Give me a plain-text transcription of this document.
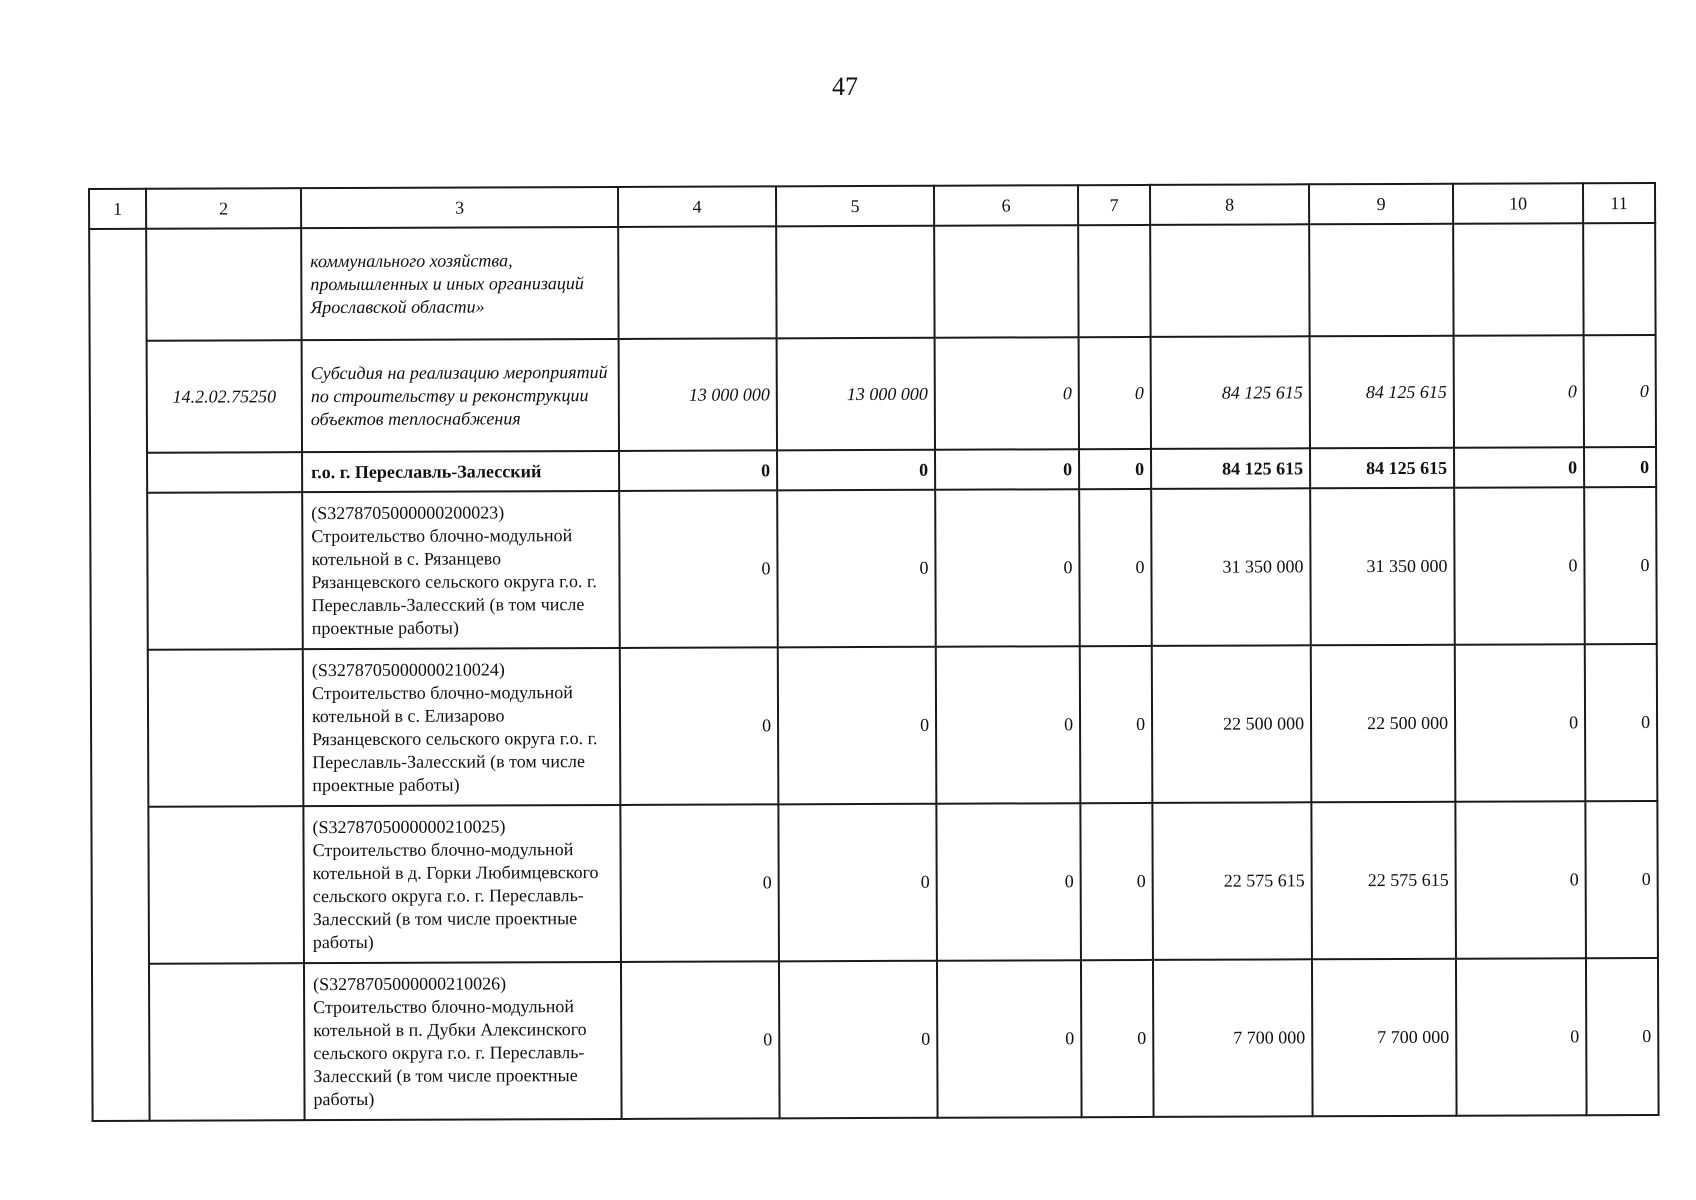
47
1	2	3	4	5	6	7	8	9	10	11
		коммунального хозяйства, промышленных и иных организаций Ярославской области»								
	14.2.02.75250	Субсидия на реализацию мероприятий по строительству и реконструкции объектов теплоснабжения	13 000 000	13 000 000	0	0	84 125 615	84 125 615	0	0
		г.о. г. Переславль-Залесский	0	0	0	0	84 125 615	84 125 615	0	0
		(S3278705000000200023) Строительство блочно-модульной котельной в с. Рязанцево Рязанцевского сельского округа г.о. г. Переславль-Залесский (в том числе проектные работы)	0	0	0	0	31 350 000	31 350 000	0	0
		(S3278705000000210024) Строительство блочно-модульной котельной в с. Елизарово Рязанцевского сельского округа г.о. г. Переславль-Залесский (в том числе проектные работы)	0	0	0	0	22 500 000	22 500 000	0	0
		(S3278705000000210025) Строительство блочно-модульной котельной в д. Горки Любимцевского сельского округа г.о. г. Переславль-Залесский (в том числе проектные работы)	0	0	0	0	22 575 615	22 575 615	0	0
		(S3278705000000210026) Строительство блочно-модульной котельной в п. Дубки Алексинского сельского округа г.о. г. Переславль-Залесский (в том числе проектные работы)	0	0	0	0	7 700 000	7 700 000	0	0
